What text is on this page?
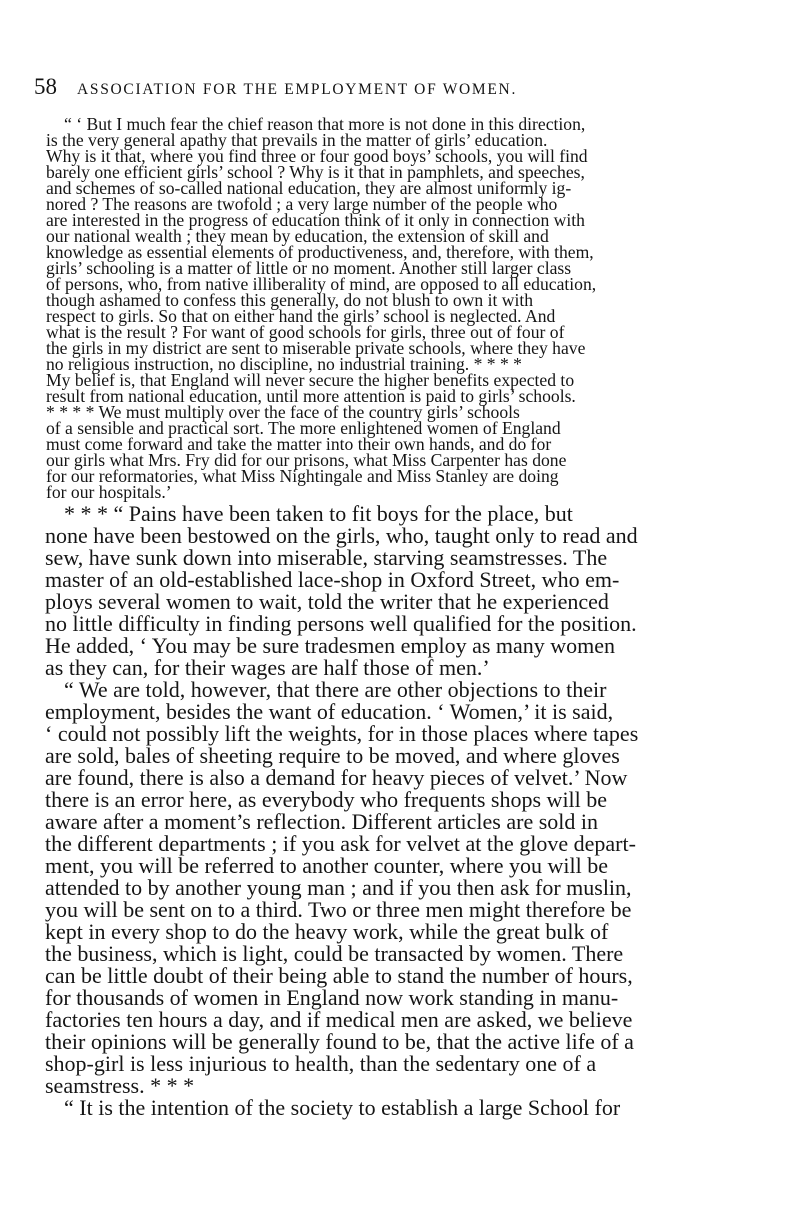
58 ASSOCIATION FOR THE EMPLOYMENT OF WOMEN.
“ ‘ But I much fear the chief reason that more is not done in this direction,
is the very general apathy that prevails in the matter of girls’ education.
Why is it that, where you find three or four good boys’ schools, you will find
barely one efficient girls’ school ? Why is it that in pamphlets, and speeches,
and schemes of so-called national education, they are almost uniformly ig-
nored ? The reasons are twofold ; a very large number of the people who
are interested in the progress of education think of it only in connection with
our national wealth ; they mean by education, the extension of skill and
knowledge as essential elements of productiveness, and, therefore, with them,
girls’ schooling is a matter of little or no moment. Another still larger class
of persons, who, from native illiberality of mind, are opposed to all education,
though ashamed to confess this generally, do not blush to own it with
respect to girls. So that on either hand the girls’ school is neglected. And
what is the result ? For want of good schools for girls, three out of four of
the girls in my district are sent to miserable private schools, where they have
no religious instruction, no discipline, no industrial training. * * * *
My belief is, that England will never secure the higher benefits expected to
result from national education, until more attention is paid to girls’ schools.
* * * * We must multiply over the face of the country girls’ schools
of a sensible and practical sort. The more enlightened women of England
must come forward and take the matter into their own hands, and do for
our girls what Mrs. Fry did for our prisons, what Miss Carpenter has done
for our reformatories, what Miss Nightingale and Miss Stanley are doing
for our hospitals.’
* * * “ Pains have been taken to fit boys for the place, but
none have been bestowed on the girls, who, taught only to read and
sew, have sunk down into miserable, starving seamstresses. The
master of an old-established lace-shop in Oxford Street, who em-
ploys several women to wait, told the writer that he experienced
no little difficulty in finding persons well qualified for the position.
He added, ‘ You may be sure tradesmen employ as many women
as they can, for their wages are half those of men.’
“ We are told, however, that there are other objections to their
employment, besides the want of education. ‘ Women,’ it is said,
‘ could not possibly lift the weights, for in those places where tapes
are sold, bales of sheeting require to be moved, and where gloves
are found, there is also a demand for heavy pieces of velvet.’ Now
there is an error here, as everybody who frequents shops will be
aware after a moment’s reflection. Different articles are sold in
the different departments ; if you ask for velvet at the glove depart-
ment, you will be referred to another counter, where you will be
attended to by another young man ; and if you then ask for muslin,
you will be sent on to a third. Two or three men might therefore be
kept in every shop to do the heavy work, while the great bulk of
the business, which is light, could be transacted by women. There
can be little doubt of their being able to stand the number of hours,
for thousands of women in England now work standing in manu-
factories ten hours a day, and if medical men are asked, we believe
their opinions will be generally found to be, that the active life of a
shop-girl is less injurious to health, than the sedentary one of a
seamstress. * * *
“ It is the intention of the society to establish a large School for
